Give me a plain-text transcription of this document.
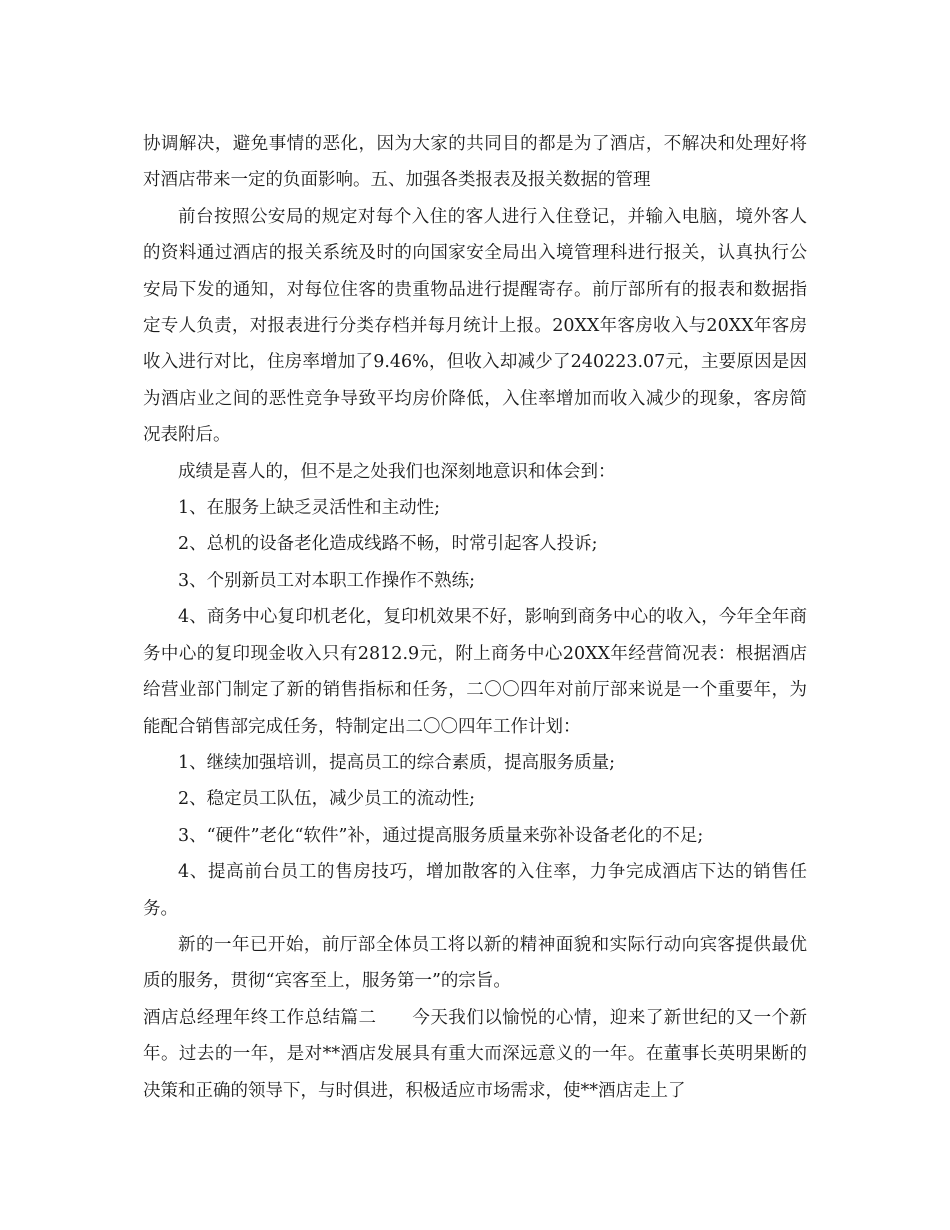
协调解决，避免事情的恶化，因为大家的共同目的都是为了酒店，不解决和处理好将对酒店带来一定的负面影响。五、加强各类报表及报关数据的管理

前台按照公安局的规定对每个入住的客人进行入住登记，并输入电脑，境外客人的资料通过酒店的报关系统及时的向国家安全局出入境管理科进行报关，认真执行公安局下发的通知，对每位住客的贵重物品进行提醒寄存。前厅部所有的报表和数据指定专人负责，对报表进行分类存档并每月统计上报。20XX年客房收入与20XX年客房收入进行对比，住房率增加了9.46%，但收入却减少了240223.07元，主要原因是因为酒店业之间的恶性竞争导致平均房价降低，入住率增加而收入减少的现象，客房简况表附后。

成绩是喜人的，但不是之处我们也深刻地意识和体会到：

1、在服务上缺乏灵活性和主动性;

2、总机的设备老化造成线路不畅，时常引起客人投诉;

3、个别新员工对本职工作操作不熟练;

4、商务中心复印机老化，复印机效果不好，影响到商务中心的收入，今年全年商务中心的复印现金收入只有2812.9元，附上商务中心20XX年经营简况表：根据酒店给营业部门制定了新的销售指标和任务，二〇〇四年对前厅部来说是一个重要年，为能配合销售部完成任务，特制定出二〇〇四年工作计划：

1、继续加强培训，提高员工的综合素质，提高服务质量;

2、稳定员工队伍，减少员工的流动性;

3、“硬件”老化“软件”补，通过提高服务质量来弥补设备老化的不足;

4、提高前台员工的售房技巧，增加散客的入住率，力争完成酒店下达的销售任务。

新的一年已开始，前厅部全体员工将以新的精神面貌和实际行动向宾客提供最优质的服务，贯彻“宾客至上，服务第一”的宗旨。

酒店总经理年终工作总结篇二　　今天我们以愉悦的心情，迎来了新世纪的又一个新年。过去的一年，是对**酒店发展具有重大而深远意义的一年。在董事长英明果断的决策和正确的领导下，与时俱进，积极适应市场需求，使**酒店走上了
